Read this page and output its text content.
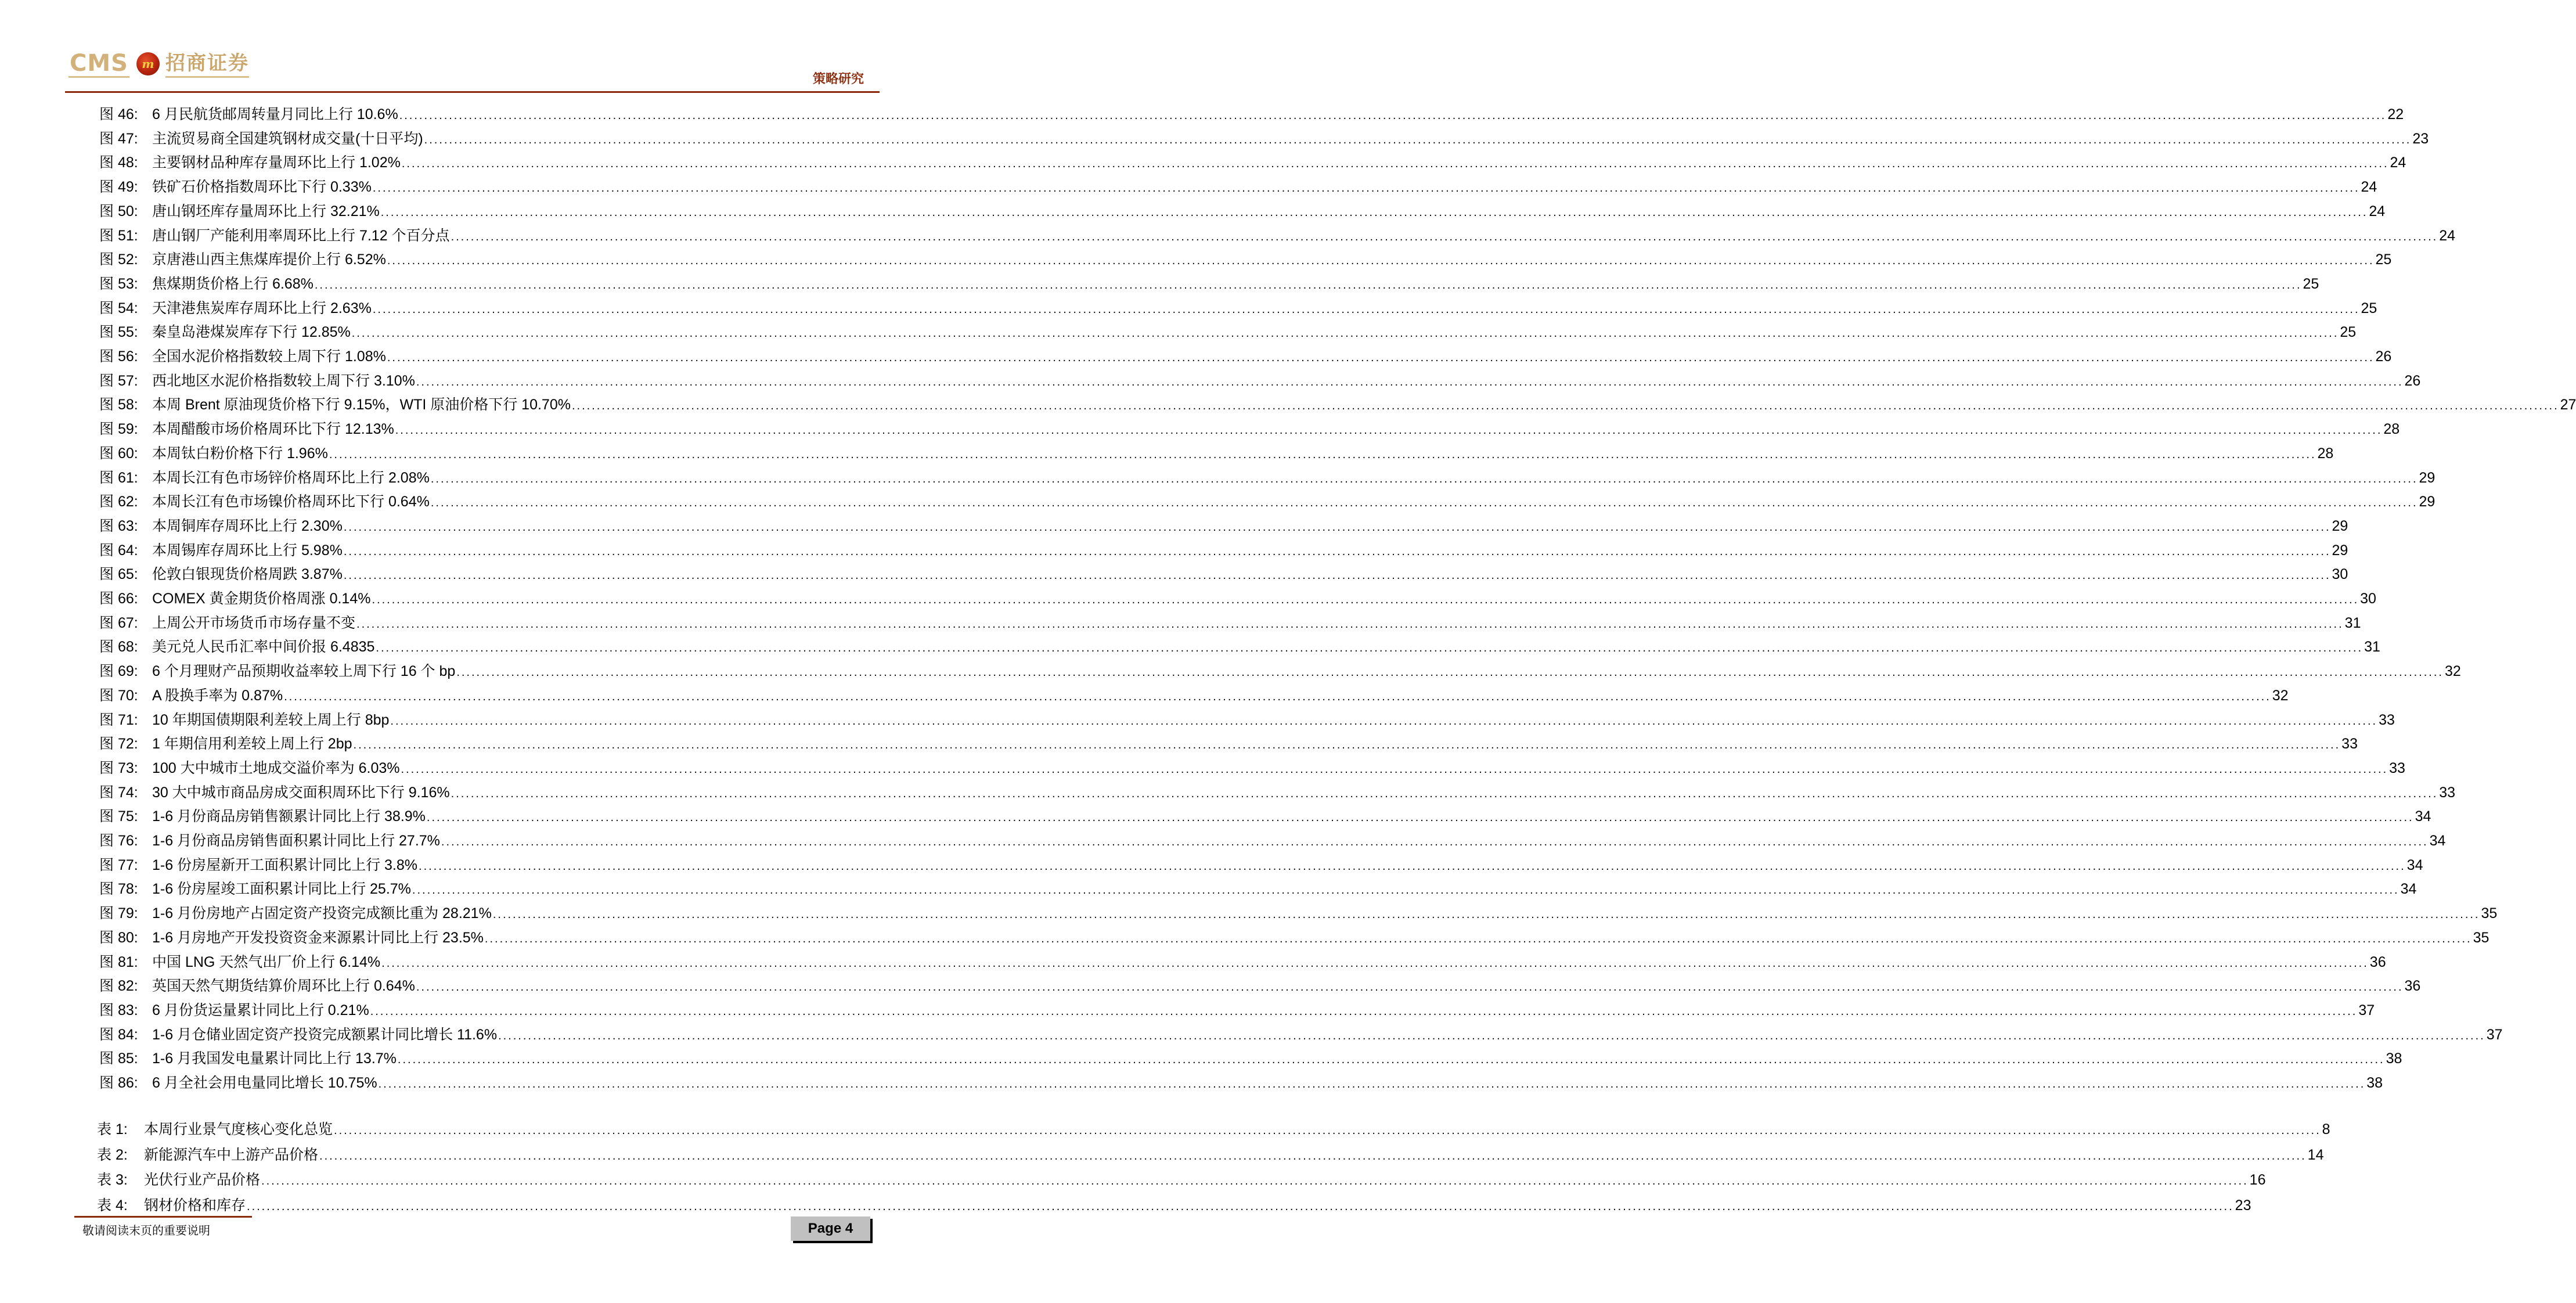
CMS	m 招商证券
策略研究
图 46: 6 月民航货邮周转量月同比上行 10.6% ................................................................................................................................................................................................................................................................................................................................................................................................................ 22
图 47: 主流贸易商全国建筑钢材成交量(十日平均) ................................................................................................................................................................................................................................................................................................................................................................................................................ 23
图 48: 主要钢材品种库存量周环比上行 1.02% ................................................................................................................................................................................................................................................................................................................................................................................................................ 24
图 49: 铁矿石价格指数周环比下行 0.33% ................................................................................................................................................................................................................................................................................................................................................................................................................ 24
图 50: 唐山钢坯库存量周环比上行 32.21% ................................................................................................................................................................................................................................................................................................................................................................................................................ 24
图 51: 唐山钢厂产能利用率周环比上行 7.12 个百分点 ................................................................................................................................................................................................................................................................................................................................................................................................................ 24
图 52: 京唐港山西主焦煤库提价上行 6.52% ................................................................................................................................................................................................................................................................................................................................................................................................................ 25
图 53: 焦煤期货价格上行 6.68% ................................................................................................................................................................................................................................................................................................................................................................................................................ 25
图 54: 天津港焦炭库存周环比上行 2.63% ................................................................................................................................................................................................................................................................................................................................................................................................................ 25
图 55: 秦皇岛港煤炭库存下行 12.85% ................................................................................................................................................................................................................................................................................................................................................................................................................ 25
图 56: 全国水泥价格指数较上周下行 1.08% ................................................................................................................................................................................................................................................................................................................................................................................................................ 26
图 57: 西北地区水泥价格指数较上周下行 3.10% ................................................................................................................................................................................................................................................................................................................................................................................................................ 26
图 58: 本周 Brent 原油现货价格下行 9.15%，WTI 原油价格下行 10.70% ................................................................................................................................................................................................................................................................................................................................................................................................................ 27
图 59: 本周醋酸市场价格周环比下行 12.13% ................................................................................................................................................................................................................................................................................................................................................................................................................ 28
图 60: 本周钛白粉价格下行 1.96% ................................................................................................................................................................................................................................................................................................................................................................................................................ 28
图 61: 本周长江有色市场锌价格周环比上行 2.08% ................................................................................................................................................................................................................................................................................................................................................................................................................ 29
图 62: 本周长江有色市场镍价格周环比下行 0.64% ................................................................................................................................................................................................................................................................................................................................................................................................................ 29
图 63: 本周铜库存周环比上行 2.30% ................................................................................................................................................................................................................................................................................................................................................................................................................ 29
图 64: 本周锡库存周环比上行 5.98% ................................................................................................................................................................................................................................................................................................................................................................................................................ 29
图 65: 伦敦白银现货价格周跌 3.87% ................................................................................................................................................................................................................................................................................................................................................................................................................ 30
图 66: COMEX 黄金期货价格周涨 0.14% ................................................................................................................................................................................................................................................................................................................................................................................................................ 30
图 67: 上周公开市场货币市场存量不变 ................................................................................................................................................................................................................................................................................................................................................................................................................ 31
图 68: 美元兑人民币汇率中间价报 6.4835 ................................................................................................................................................................................................................................................................................................................................................................................................................ 31
图 69: 6 个月理财产品预期收益率较上周下行 16 个 bp ................................................................................................................................................................................................................................................................................................................................................................................................................ 32
图 70: A 股换手率为 0.87% ................................................................................................................................................................................................................................................................................................................................................................................................................ 32
图 71: 10 年期国债期限利差较上周上行 8bp ................................................................................................................................................................................................................................................................................................................................................................................................................ 33
图 72: 1 年期信用利差较上周上行 2bp ................................................................................................................................................................................................................................................................................................................................................................................................................ 33
图 73: 100 大中城市土地成交溢价率为 6.03% ................................................................................................................................................................................................................................................................................................................................................................................................................ 33
图 74: 30 大中城市商品房成交面积周环比下行 9.16% ................................................................................................................................................................................................................................................................................................................................................................................................................ 33
图 75: 1-6 月份商品房销售额累计同比上行 38.9% ................................................................................................................................................................................................................................................................................................................................................................................................................ 34
图 76: 1-6 月份商品房销售面积累计同比上行 27.7% ................................................................................................................................................................................................................................................................................................................................................................................................................ 34
图 77: 1-6 份房屋新开工面积累计同比上行 3.8% ................................................................................................................................................................................................................................................................................................................................................................................................................ 34
图 78: 1-6 份房屋竣工面积累计同比上行 25.7% ................................................................................................................................................................................................................................................................................................................................................................................................................ 34
图 79: 1-6 月份房地产占固定资产投资完成额比重为 28.21% ................................................................................................................................................................................................................................................................................................................................................................................................................ 35
图 80: 1-6 月房地产开发投资资金来源累计同比上行 23.5% ................................................................................................................................................................................................................................................................................................................................................................................................................ 35
图 81: 中国 LNG 天然气出厂价上行 6.14% ................................................................................................................................................................................................................................................................................................................................................................................................................ 36
图 82: 英国天然气期货结算价周环比上行 0.64% ................................................................................................................................................................................................................................................................................................................................................................................................................ 36
图 83: 6 月份货运量累计同比上行 0.21% ................................................................................................................................................................................................................................................................................................................................................................................................................ 37
图 84: 1-6 月仓储业固定资产投资完成额累计同比增长 11.6% ................................................................................................................................................................................................................................................................................................................................................................................................................ 37
图 85: 1-6 月我国发电量累计同比上行 13.7% ................................................................................................................................................................................................................................................................................................................................................................................................................ 38
图 86: 6 月全社会用电量同比增长 10.75% ................................................................................................................................................................................................................................................................................................................................................................................................................ 38
表 1:	本周行业景气度核心变化总览 ................................................................................................................................................................................................................................................................................................................................................................................................................ 8
表 2:	新能源汽车中上游产品价格 ................................................................................................................................................................................................................................................................................................................................................................................................................ 14
表 3:	光伏行业产品价格 ................................................................................................................................................................................................................................................................................................................................................................................................................ 16
表 4:	钢材价格和库存 ................................................................................................................................................................................................................................................................................................................................................................................................................ 23
敬请阅读末页的重要说明	Page 4
